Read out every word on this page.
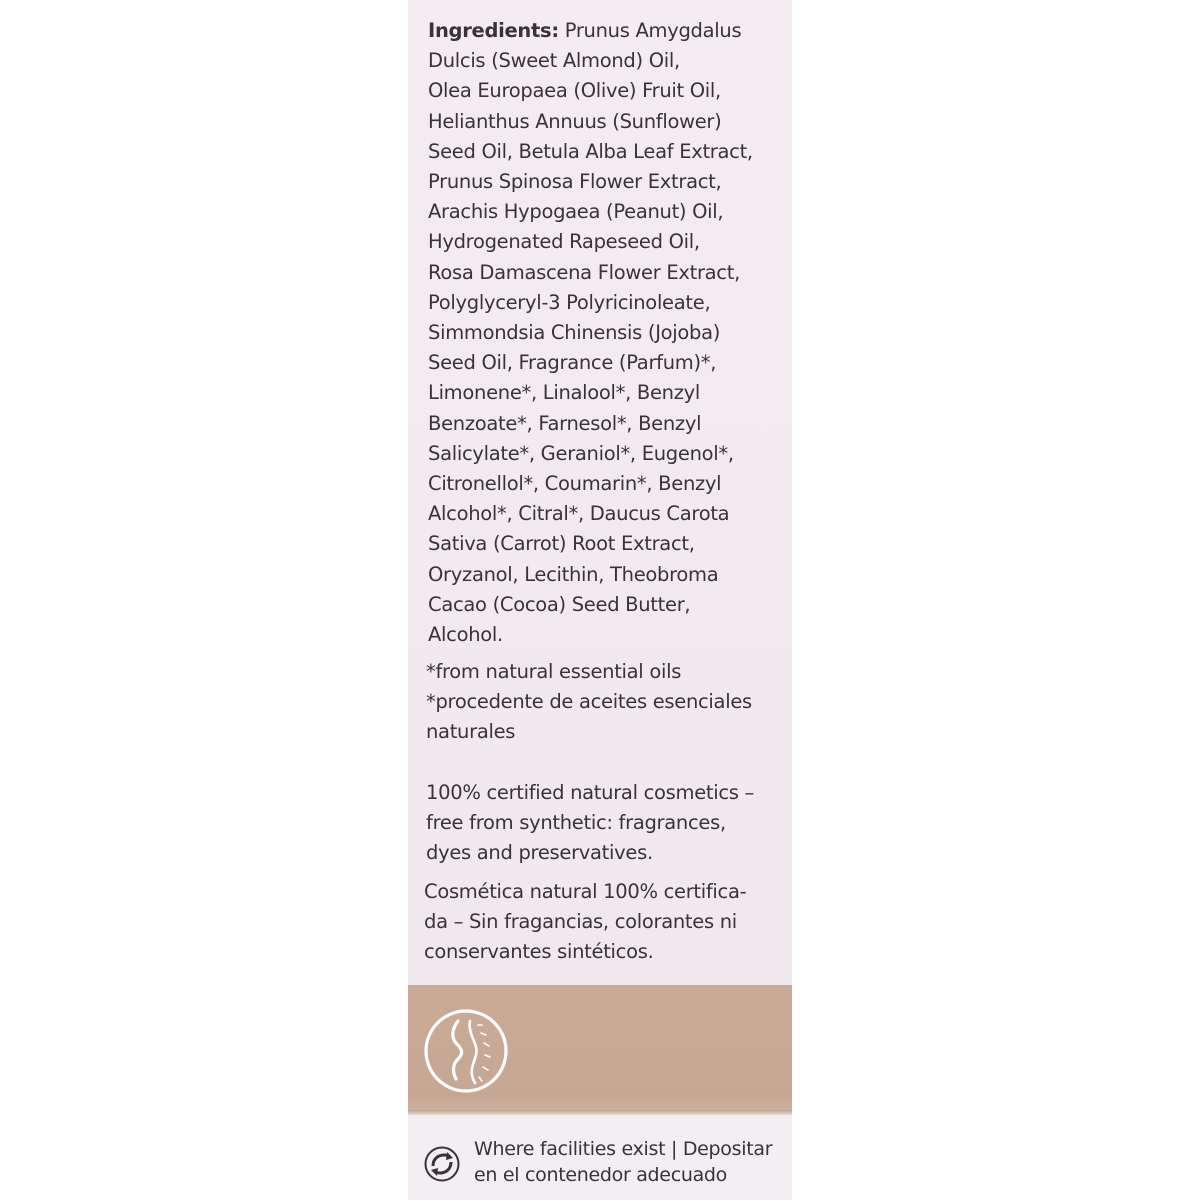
Ingredients: Prunus Amygdalus
Dulcis (Sweet Almond) Oil,
Olea Europaea (Olive) Fruit Oil,
Helianthus Annuus (Sunflower)
Seed Oil, Betula Alba Leaf Extract,
Prunus Spinosa Flower Extract,
Arachis Hypogaea (Peanut) Oil,
Hydrogenated Rapeseed Oil,
Rosa Damascena Flower Extract,
Polyglyceryl-3 Polyricinoleate,
Simmondsia Chinensis (Jojoba)
Seed Oil, Fragrance (Parfum)*,
Limonene*, Linalool*, Benzyl
Benzoate*, Farnesol*, Benzyl
Salicylate*, Geraniol*, Eugenol*,
Citronellol*, Coumarin*, Benzyl
Alcohol*, Citral*, Daucus Carota
Sativa (Carrot) Root Extract,
Oryzanol, Lecithin, Theobroma
Cacao (Cocoa) Seed Butter,
Alcohol.
*from natural essential oils
*procedente de aceites esenciales
naturales
100% certified natural cosmetics –
free from synthetic: fragrances,
dyes and preservatives.
Cosmética natural 100% certifica-
da – Sin fragancias, colorantes ni
conservantes sintéticos.
Where facilities exist | Depositar
en el contenedor adecuado
